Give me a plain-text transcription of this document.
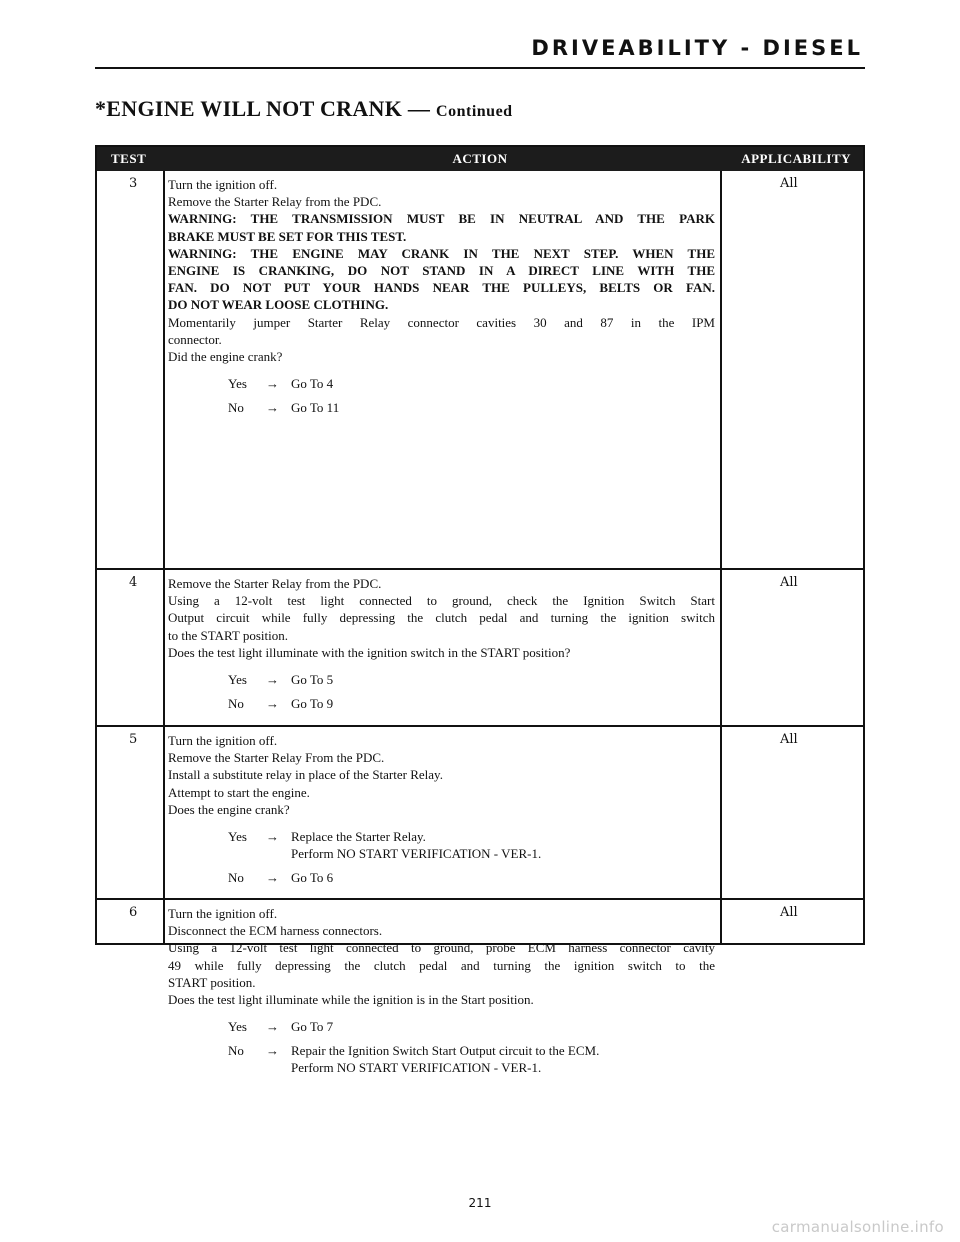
DRIVEABILITY - DIESEL
*ENGINE WILL NOT CRANK — Continued
TEST	ACTION	APPLICABILITY
3 Turn the ignition off.
Remove the Starter Relay from the PDC.
WARNING: THE TRANSMISSION MUST BE IN NEUTRAL AND THE PARK
BRAKE MUST BE SET FOR THIS TEST.
WARNING: THE ENGINE MAY CRANK IN THE NEXT STEP. WHEN THE
ENGINE IS CRANKING, DO NOT STAND IN A DIRECT LINE WITH THE
FAN. DO NOT PUT YOUR HANDS NEAR THE PULLEYS, BELTS OR FAN.
DO NOT WEAR LOOSE CLOTHING.
Momentarily jumper Starter Relay connector cavities 30 and 87 in the IPM
connector.
Did the engine crank?
Yes → Go To 4
No → Go To 11
All
4 Remove the Starter Relay from the PDC.
Using a 12-volt test light connected to ground, check the Ignition Switch Start
Output circuit while fully depressing the clutch pedal and turning the ignition switch
to the START position.
Does the test light illuminate with the ignition switch in the START position?
Yes → Go To 5
No → Go To 9
All
5 Turn the ignition off.
Remove the Starter Relay From the PDC.
Install a substitute relay in place of the Starter Relay.
Attempt to start the engine.
Does the engine crank?
Yes → Replace the Starter Relay.
Perform NO START VERIFICATION - VER-1.
No → Go To 6
All
6 Turn the ignition off.
Disconnect the ECM harness connectors.
Using a 12-volt test light connected to ground, probe ECM harness connector cavity
49 while fully depressing the clutch pedal and turning the ignition switch to the
START position.
Does the test light illuminate while the ignition is in the Start position.
Yes → Go To 7
No → Repair the Ignition Switch Start Output circuit to the ECM.
Perform NO START VERIFICATION - VER-1.
All
211
carmanualsonline.info
